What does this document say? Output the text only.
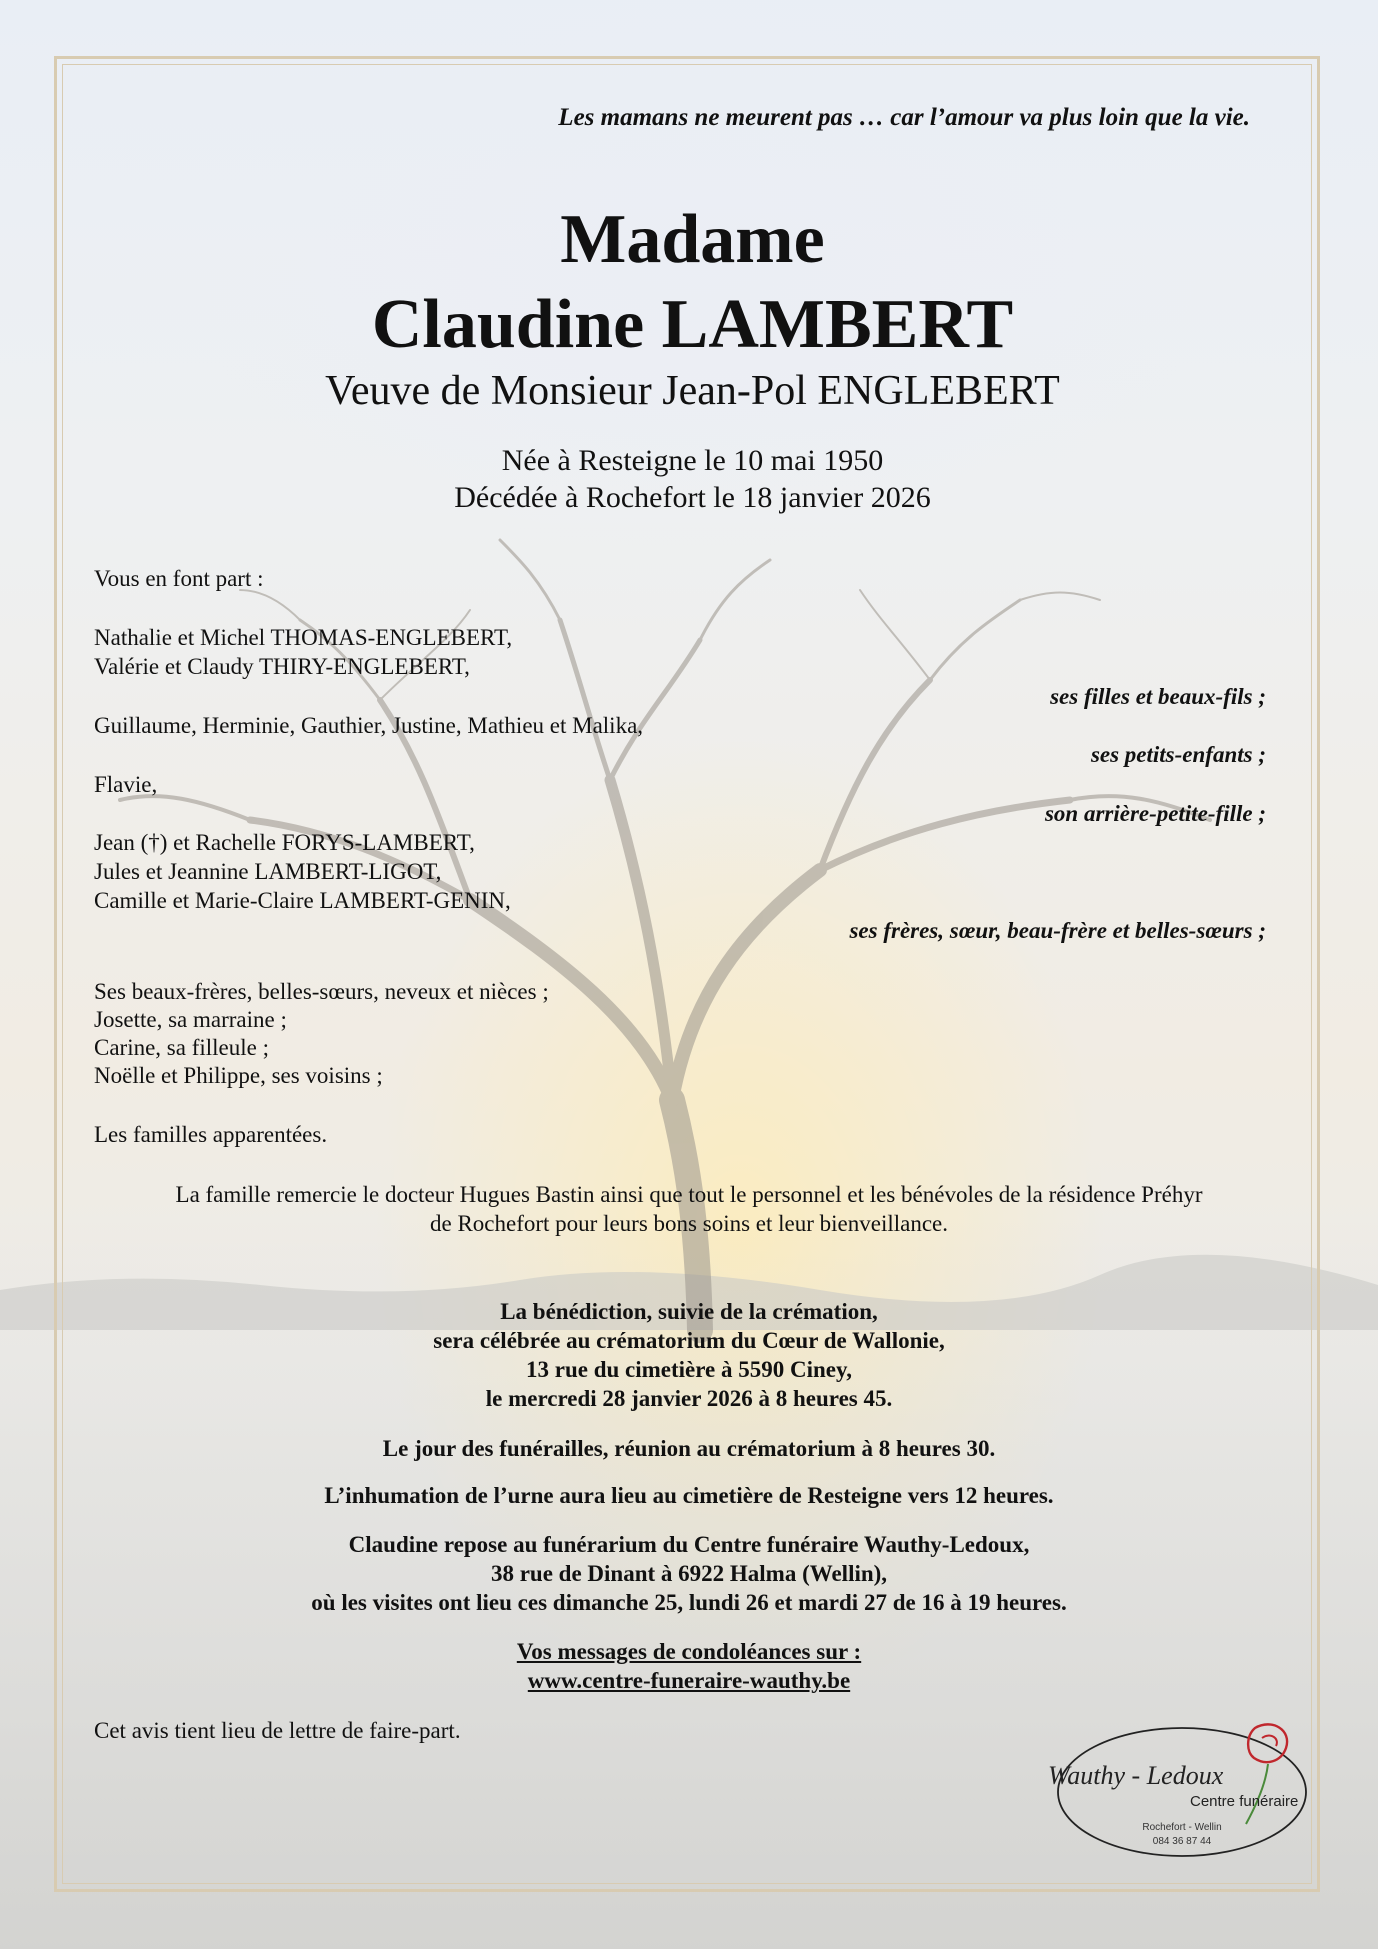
Les mamans ne meurent pas … car l’amour va plus loin que la vie.
Madame
Claudine LAMBERT
Veuve de Monsieur Jean-Pol ENGLEBERT
Née à Resteigne le 10 mai 1950
Décédée à Rochefort le 18 janvier 2026
Vous en font part :
Nathalie et Michel THOMAS-ENGLEBERT,
Valérie et Claudy THIRY-ENGLEBERT,
ses filles et beaux-fils ;
Guillaume, Herminie, Gauthier, Justine, Mathieu et Malika,
ses petits-enfants ;
Flavie,
son arrière-petite-fille ;
Jean (†) et Rachelle FORYS-LAMBERT,
Jules et Jeannine LAMBERT-LIGOT,
Camille et Marie-Claire LAMBERT-GENIN,
ses frères, sœur, beau-frère et belles-sœurs ;
Ses beaux-frères, belles-sœurs, neveux et nièces ;
Josette, sa marraine ;
Carine, sa filleule ;
Noëlle et Philippe, ses voisins ;
Les familles apparentées.
La famille remercie le docteur Hugues Bastin ainsi que tout le personnel et les bénévoles de la résidence Préhyr
de Rochefort pour leurs bons soins et leur bienveillance.
La bénédiction, suivie de la crémation,
sera célébrée au crématorium du Cœur de Wallonie,
13 rue du cimetière à 5590 Ciney,
le mercredi 28 janvier 2026 à 8 heures 45.
Le jour des funérailles, réunion au crématorium à 8 heures 30.
L’inhumation de l’urne aura lieu au cimetière de Resteigne vers 12 heures.
Claudine repose au funérarium du Centre funéraire Wauthy-Ledoux,
38 rue de Dinant à 6922 Halma (Wellin),
où les visites ont lieu ces dimanche 25, lundi 26 et mardi 27 de 16 à 19 heures.
Vos messages de condoléances sur :
www.centre-funeraire-wauthy.be
Cet avis tient lieu de lettre de faire-part.
Wauthy - Ledoux
Centre funéraire
Rochefort - Wellin
084 36 87 44
